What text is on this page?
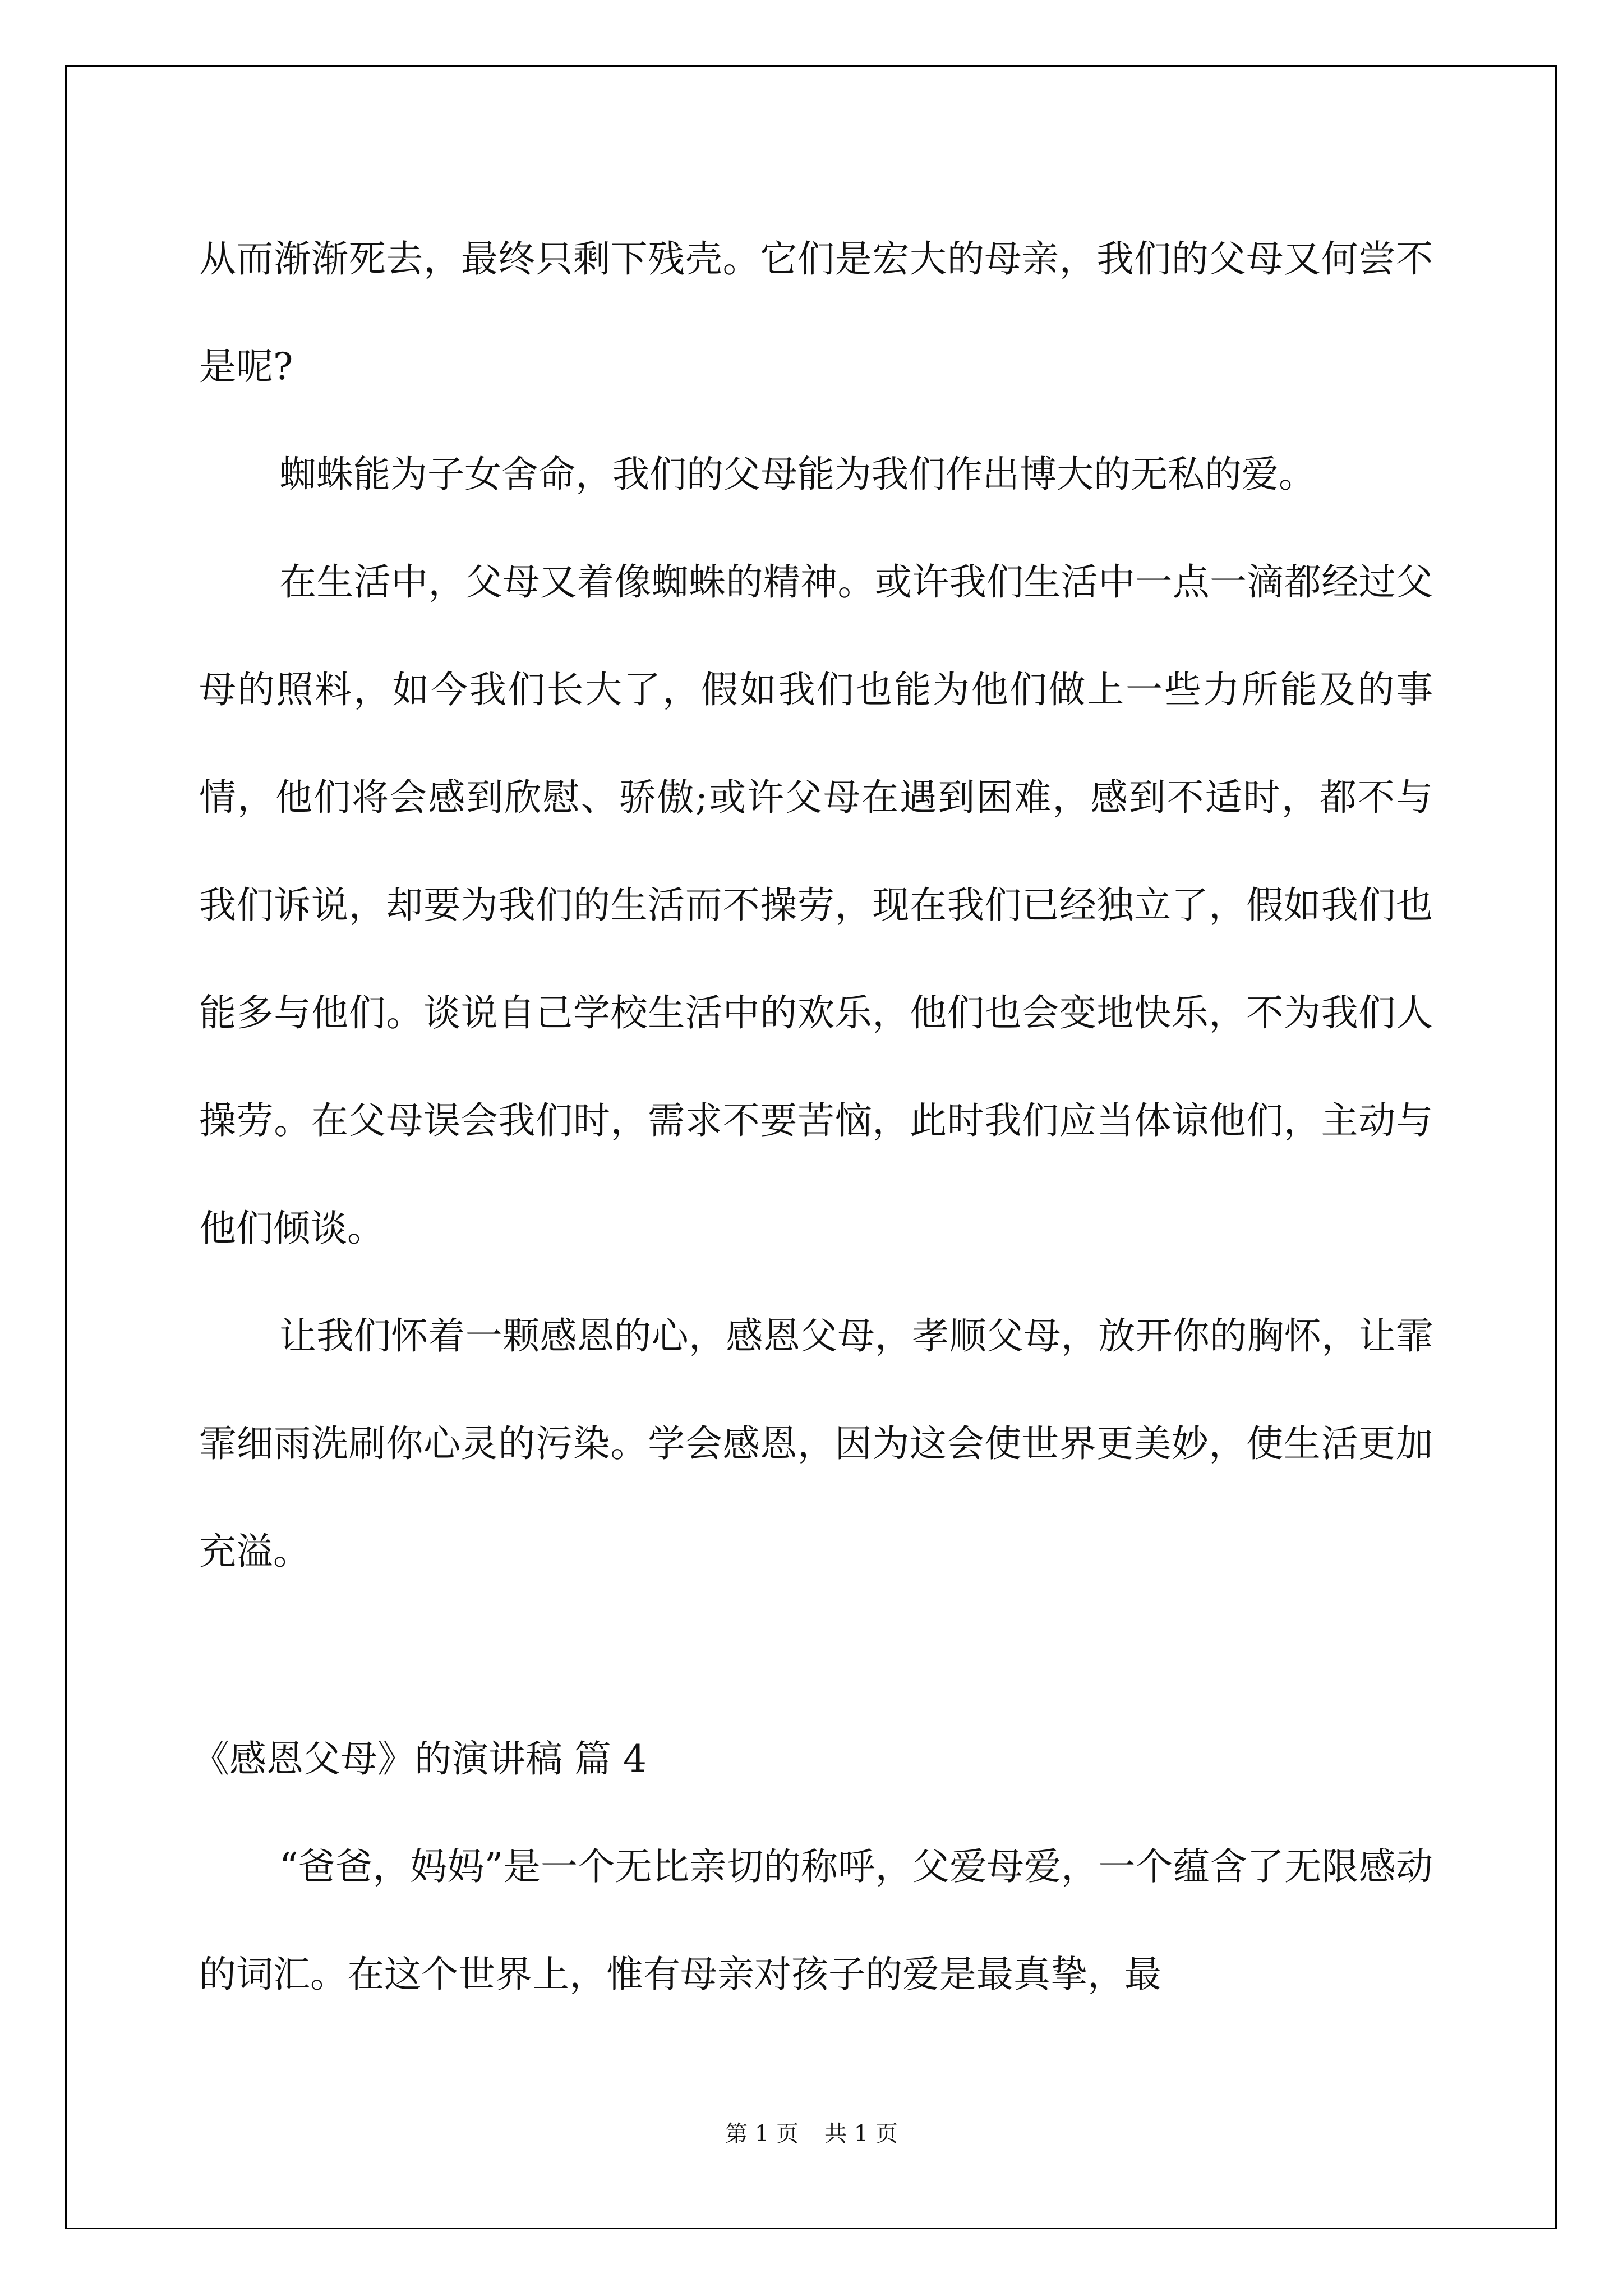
从而渐渐死去，最终只剩下残壳。它们是宏大的母亲，我们的父母又何尝不是呢?

蜘蛛能为子女舍命，我们的父母能为我们作出博大的无私的爱。

在生活中，父母又着像蜘蛛的精神。或许我们生活中一点一滴都经过父母的照料，如今我们长大了，假如我们也能为他们做上一些力所能及的事情，他们将会感到欣慰、骄傲;或许父母在遇到困难，感到不适时，都不与我们诉说，却要为我们的生活而不操劳，现在我们已经独立了，假如我们也能多与他们。谈说自己学校生活中的欢乐，他们也会变地快乐，不为我们人操劳。在父母误会我们时，需求不要苦恼，此时我们应当体谅他们，主动与他们倾谈。

让我们怀着一颗感恩的心，感恩父母，孝顺父母，放开你的胸怀，让霏霏细雨洗刷你心灵的污染。学会感恩，因为这会使世界更美妙，使生活更加充溢。

《感恩父母》的演讲稿 篇 4

“爸爸，妈妈”是一个无比亲切的称呼，父爱母爱，一个蕴含了无限感动的词汇。在这个世界上，惟有母亲对孩子的爱是最真挚，最

第 1 页 共 1 页
